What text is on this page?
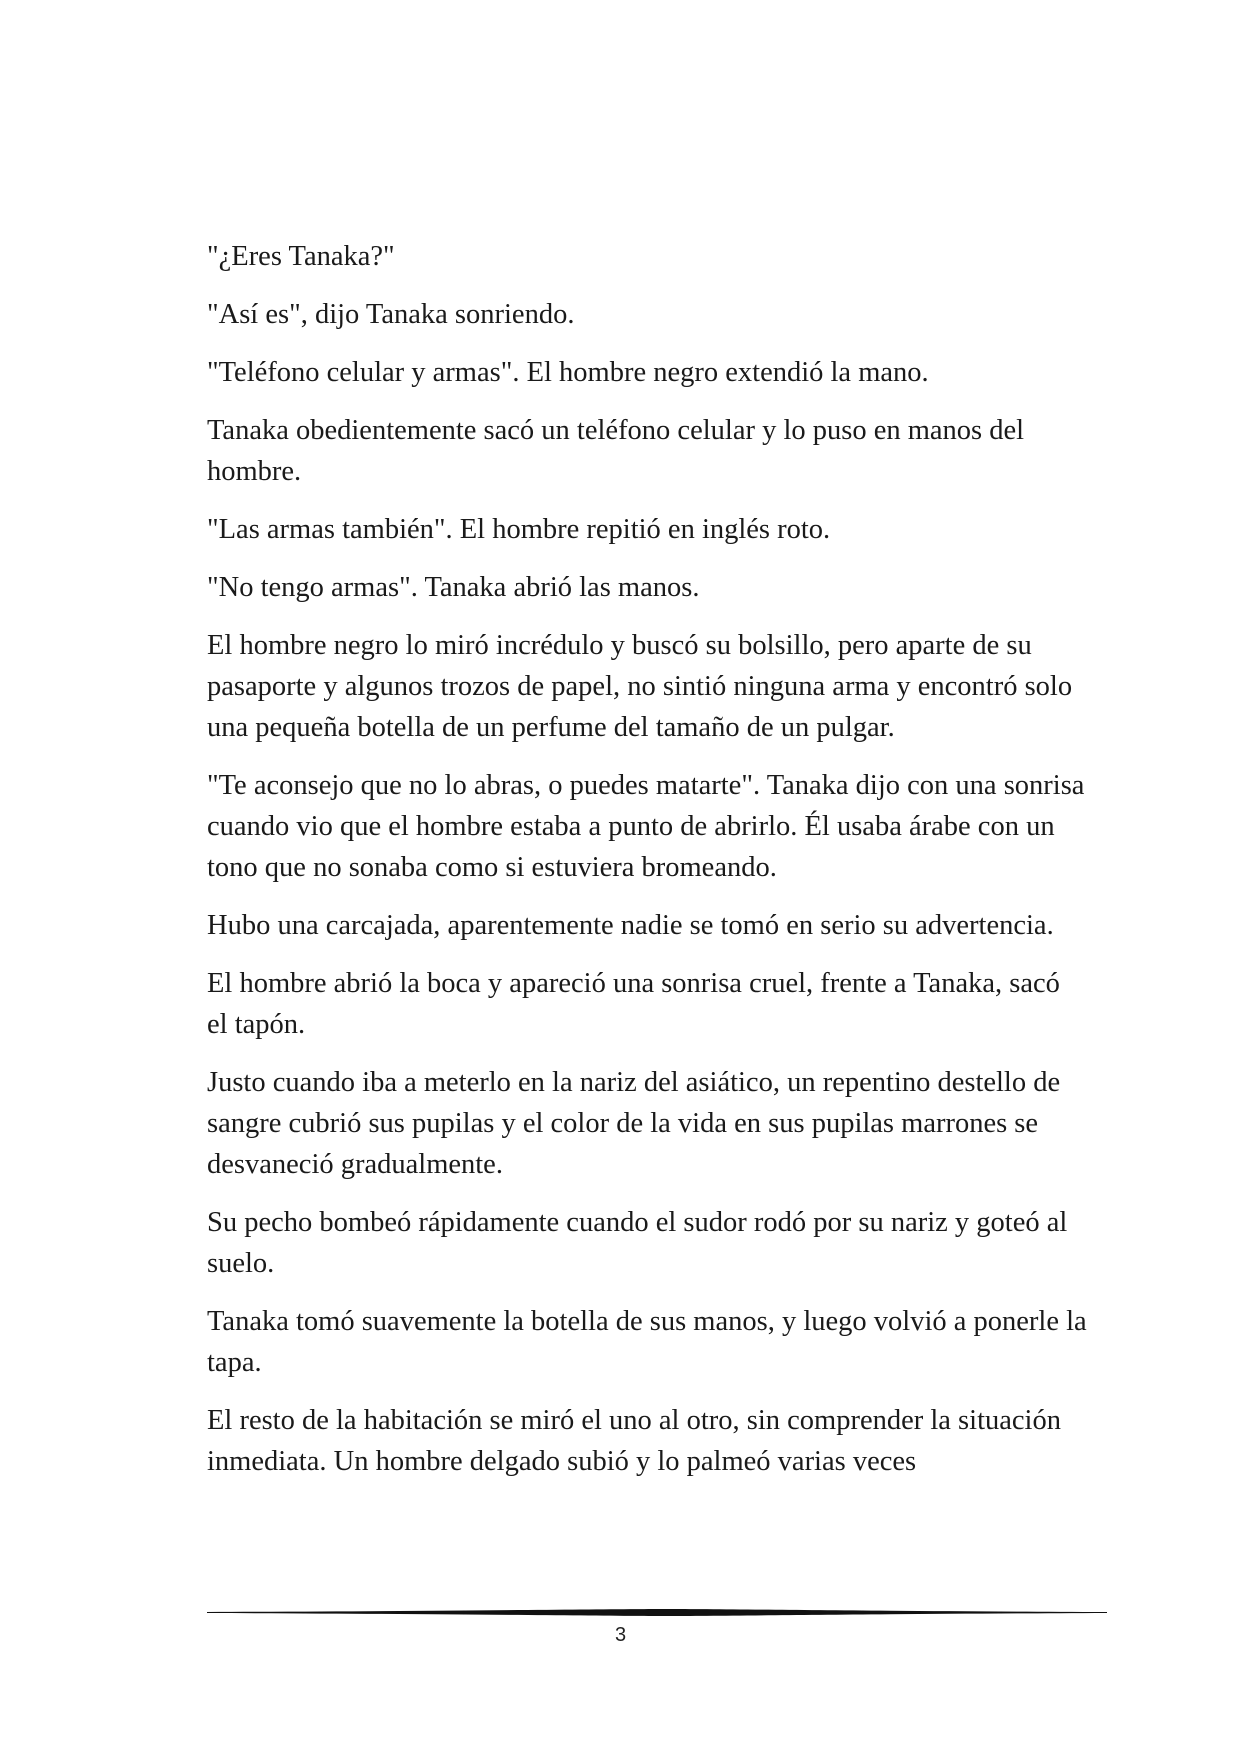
"¿Eres Tanaka?"

"Así es", dijo Tanaka sonriendo.

"Teléfono celular y armas". El hombre negro extendió la mano.

Tanaka obedientemente sacó un teléfono celular y lo puso en manos del hombre.

"Las armas también". El hombre repitió en inglés roto.

"No tengo armas". Tanaka abrió las manos.

El hombre negro lo miró incrédulo y buscó su bolsillo, pero aparte de su pasaporte y algunos trozos de papel, no sintió ninguna arma y encontró solo una pequeña botella de un perfume del tamaño de un pulgar.

"Te aconsejo que no lo abras, o puedes matarte". Tanaka dijo con una sonrisa cuando vio que el hombre estaba a punto de abrirlo. Él usaba árabe con un tono que no sonaba como si estuviera bromeando.

Hubo una carcajada, aparentemente nadie se tomó en serio su advertencia.

El hombre abrió la boca y apareció una sonrisa cruel, frente a Tanaka, sacó el tapón.

Justo cuando iba a meterlo en la nariz del asiático, un repentino destello de sangre cubrió sus pupilas y el color de la vida en sus pupilas marrones se desvaneció gradualmente.

Su pecho bombeó rápidamente cuando el sudor rodó por su nariz y goteó al suelo.

Tanaka tomó suavemente la botella de sus manos, y luego volvió a ponerle la tapa.

El resto de la habitación se miró el uno al otro, sin comprender la situación inmediata. Un hombre delgado subió y lo palmeó varias veces

3
